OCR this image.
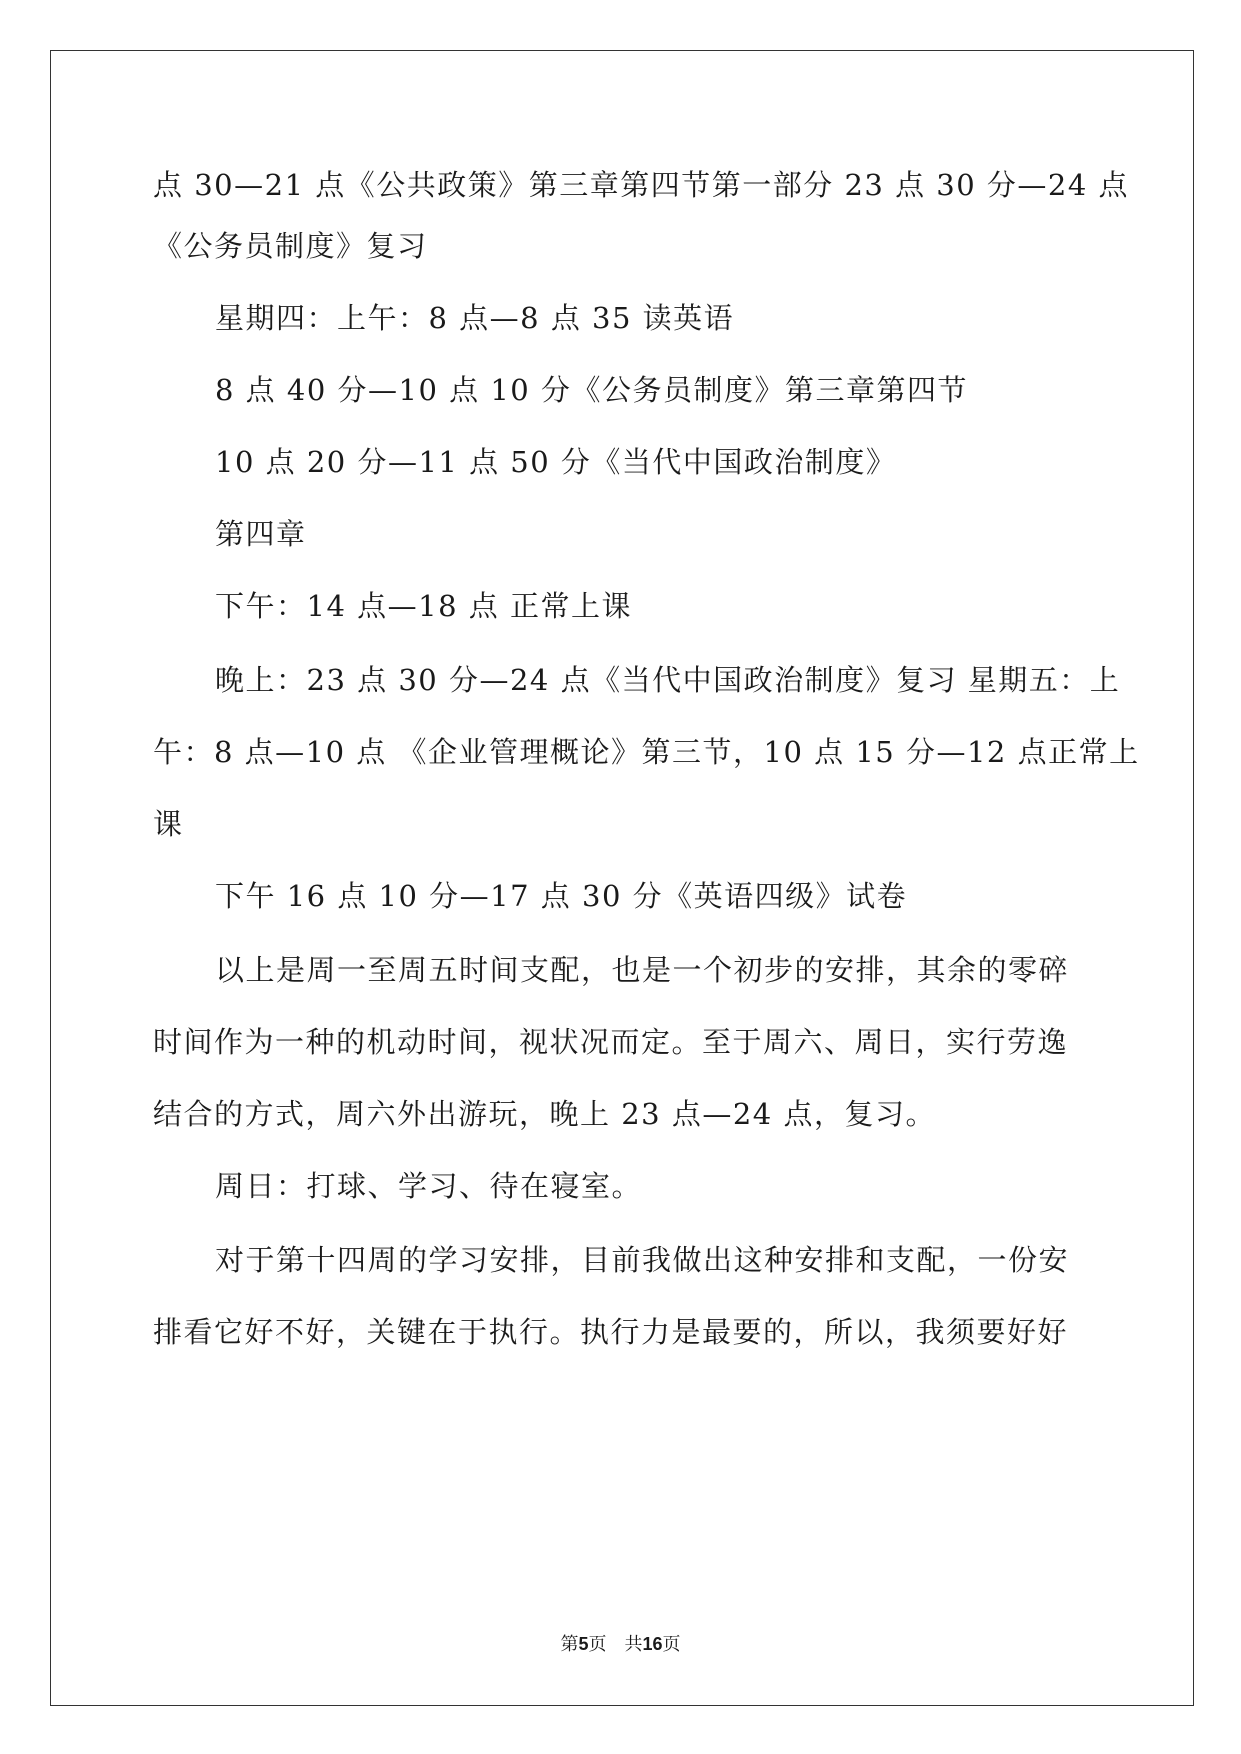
点 30—21 点《公共政策》第三章第四节第一部分 23 点 30 分—24 点
《公务员制度》复习
星期四：上午：8 点—8 点 35 读英语
8 点 40 分—10 点 10 分《公务员制度》第三章第四节
10 点 20 分—11 点 50 分《当代中国政治制度》
第四章
下午：14 点—18 点 正常上课
晚上：23 点 30 分—24 点《当代中国政治制度》复习 星期五：上
午：8 点—10 点 《企业管理概论》第三节，10 点 15 分—12 点正常上
课
下午 16 点 10 分—17 点 30 分《英语四级》试卷
以上是周一至周五时间支配，也是一个初步的安排，其余的零碎
时间作为一种的机动时间，视状况而定。至于周六、周日，实行劳逸
结合的方式，周六外出游玩，晚上 23 点—24 点，复习。
周日：打球、学习、待在寝室。
对于第十四周的学习安排，目前我做出这种安排和支配，一份安
排看它好不好，关键在于执行。执行力是最要的，所以，我须要好好
第5页　共16页
